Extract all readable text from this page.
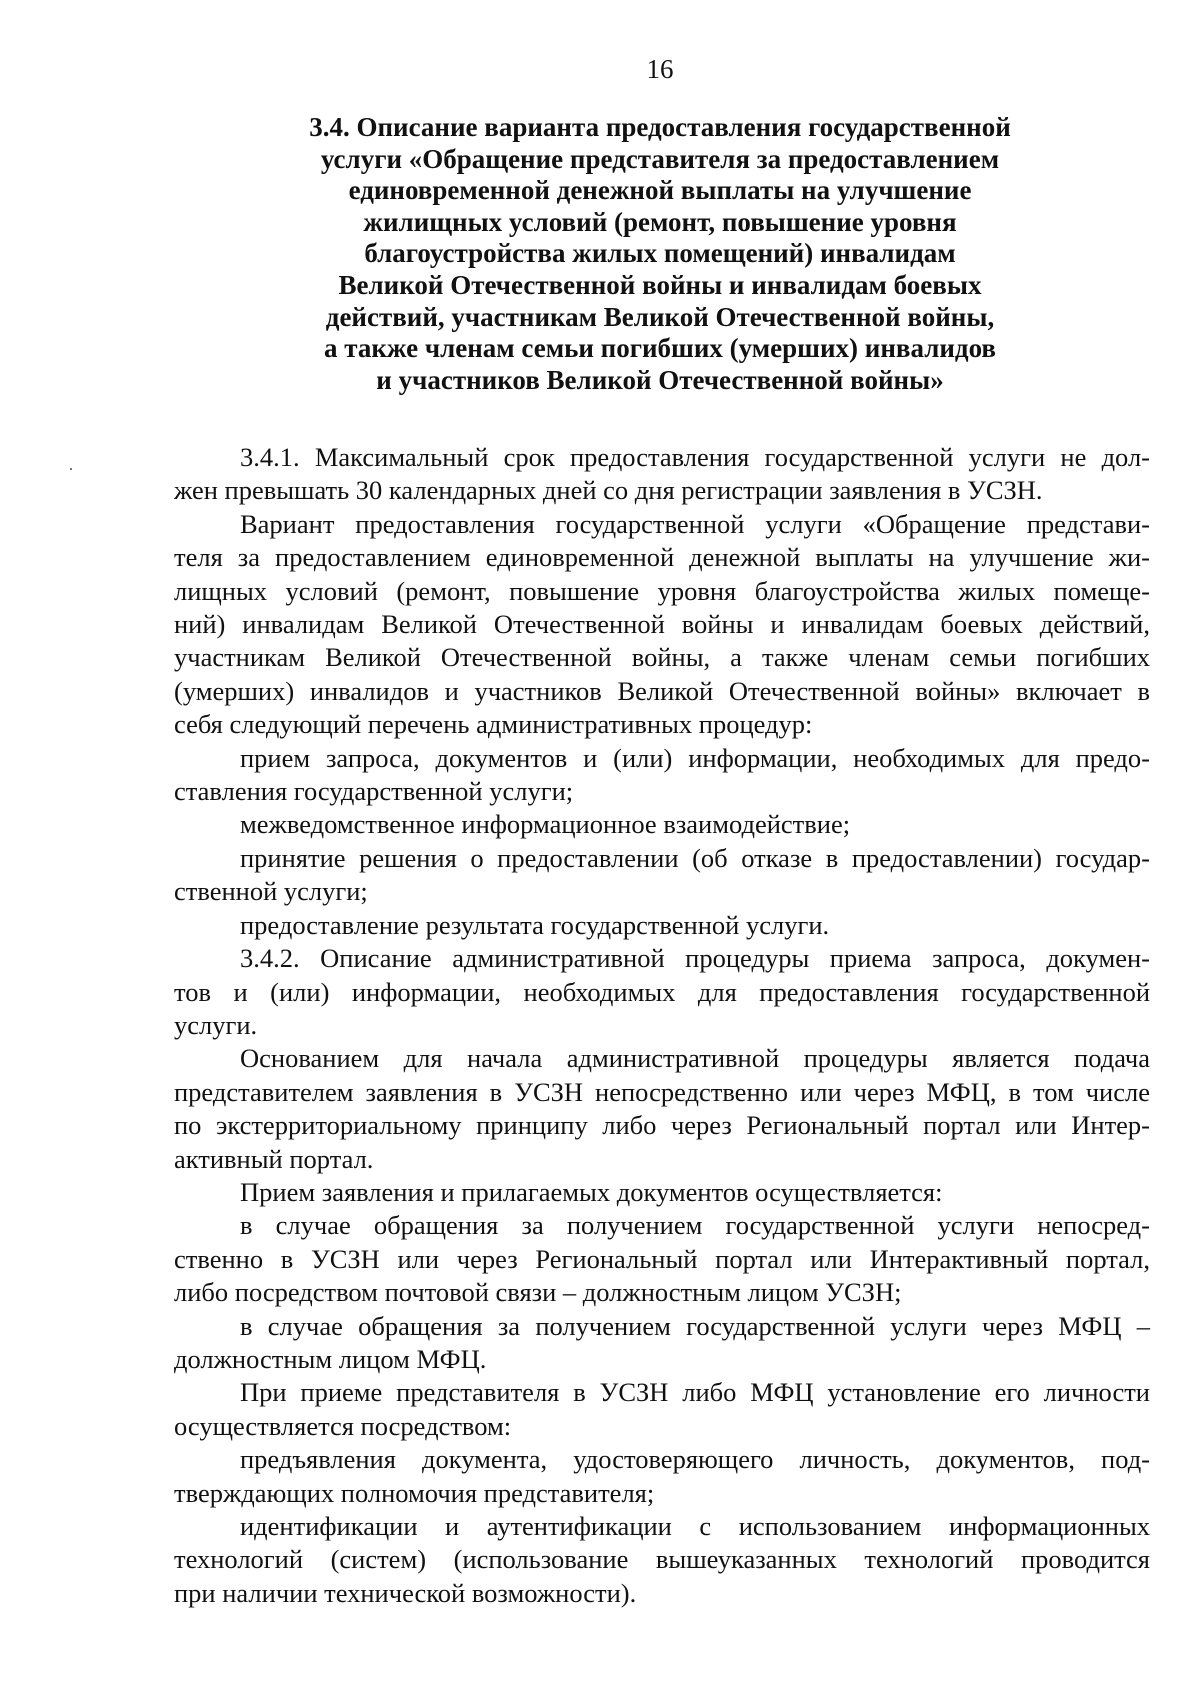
16
3.4. Описание варианта предоставления государственной
услуги «Обращение представителя за предоставлением
единовременной денежной выплаты на улучшение
жилищных условий (ремонт, повышение уровня
благоустройства жилых помещений) инвалидам
Великой Отечественной войны и инвалидам боевых
действий, участникам Великой Отечественной войны,
а также членам семьи погибших (умерших) инвалидов
и участников Великой Отечественной войны»

3.4.1. Максимальный срок предоставления государственной услуги не дол-
жен превышать 30 календарных дней со дня регистрации заявления в УСЗН.

Вариант предоставления государственной услуги «Обращение представи-
теля за предоставлением единовременной денежной выплаты на улучшение жи-
лищных условий (ремонт, повышение уровня благоустройства жилых помеще-
ний) инвалидам Великой Отечественной войны и инвалидам боевых действий,
участникам Великой Отечественной войны, а также членам семьи погибших
(умерших) инвалидов и участников Великой Отечественной войны» включает в
себя следующий перечень административных процедур:

прием запроса, документов и (или) информации, необходимых для предо-
ставления государственной услуги;

межведомственное информационное взаимодействие;

принятие решения о предоставлении (об отказе в предоставлении) государ-
ственной услуги;

предоставление результата государственной услуги.

3.4.2. Описание административной процедуры приема запроса, докумен-
тов и (или) информации, необходимых для предоставления государственной
услуги.

Основанием для начала административной процедуры является подача
представителем заявления в УСЗН непосредственно или через МФЦ, в том числе
по экстерриториальному принципу либо через Региональный портал или Интер-
активный портал.

Прием заявления и прилагаемых документов осуществляется:

в случае обращения за получением государственной услуги непосред-
ственно в УСЗН или через Региональный портал или Интерактивный портал,
либо посредством почтовой связи – должностным лицом УСЗН;

в случае обращения за получением государственной услуги через МФЦ –
должностным лицом МФЦ.

При приеме представителя в УСЗН либо МФЦ установление его личности
осуществляется посредством:

предъявления документа, удостоверяющего личность, документов, под-
тверждающих полномочия представителя;

идентификации и аутентификации с использованием информационных
технологий (систем) (использование вышеуказанных технологий проводится
при наличии технической возможности).
